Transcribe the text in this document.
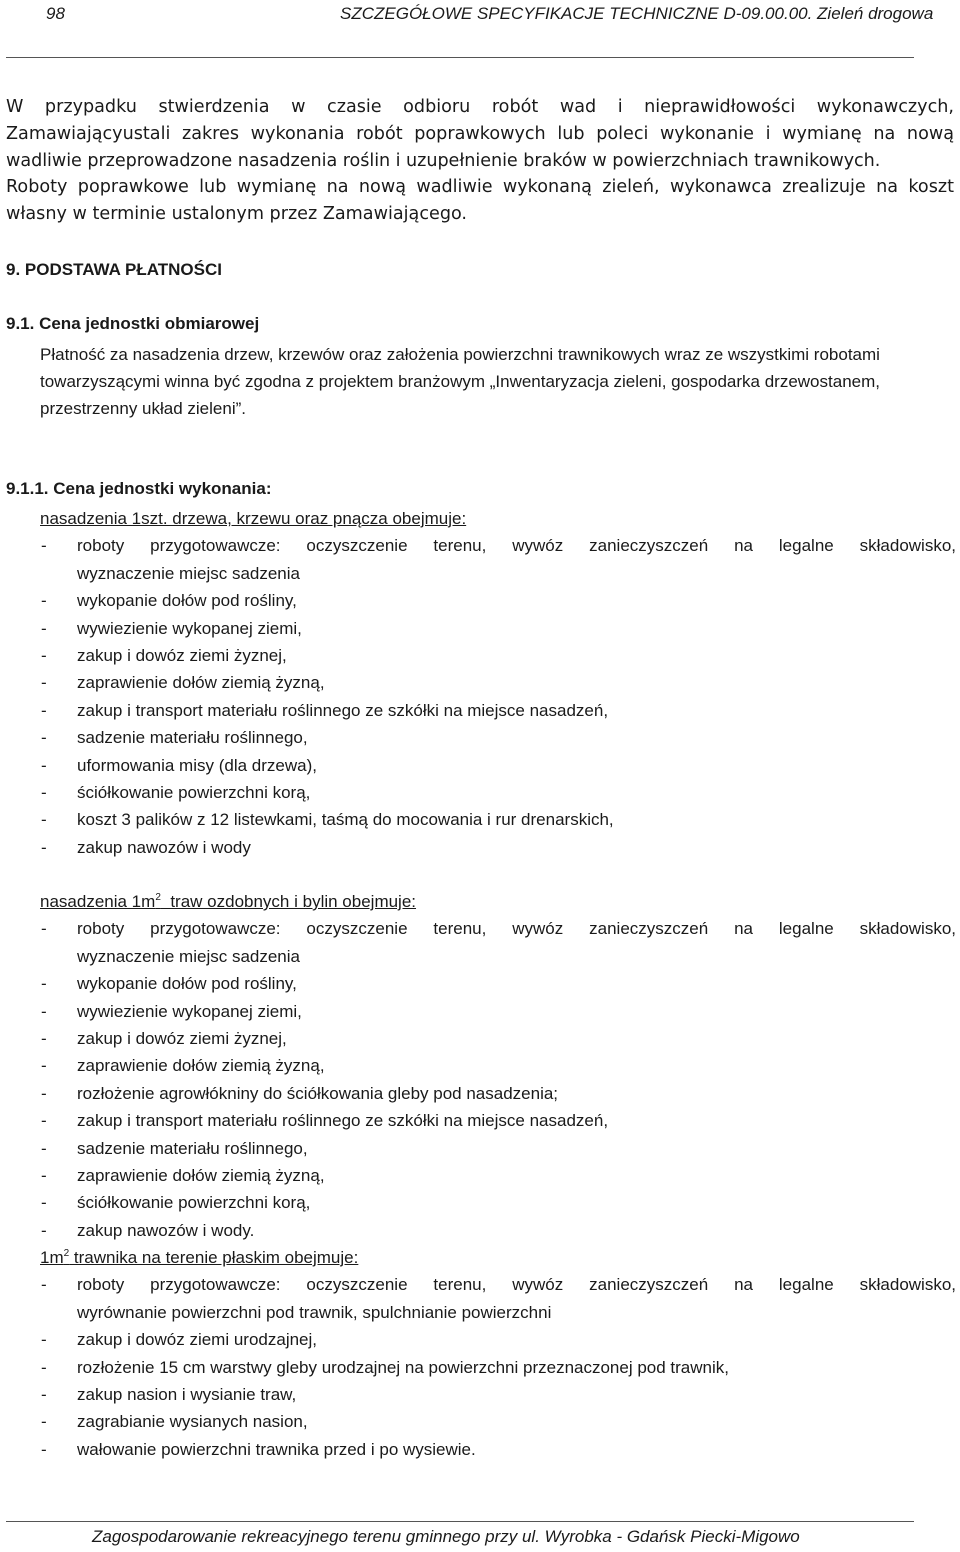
98	SZCZEGÓŁOWE SPECYFIKACJE TECHNICZNE D-09.00.00. Zieleń drogowa
W przypadku stwierdzenia w czasie odbioru robót wad i nieprawidłowości wykonawczych,
Zamawiającyustali zakres wykonania robót poprawkowych lub poleci wykonanie i wymianę na nową
wadliwie przeprowadzone nasadzenia roślin i uzupełnienie braków w powierzchniach trawnikowych.
Roboty poprawkowe lub wymianę na nową wadliwie wykonaną zieleń, wykonawca zrealizuje na koszt
własny w terminie ustalonym przez Zamawiającego.
9. PODSTAWA PŁATNOŚCI
9.1. Cena jednostki obmiarowej
Płatność za nasadzenia drzew, krzewów oraz założenia powierzchni trawnikowych wraz ze wszystkimi robotami towarzyszącymi winna być zgodna z projektem branżowym „Inwentaryzacja zieleni, gospodarka drzewostanem, przestrzenny układ zieleni”.
9.1.1. Cena jednostki wykonania:
nasadzenia 1szt. drzewa, krzewu oraz pnącza obejmuje:
- roboty przygotowawcze: oczyszczenie terenu, wywóz zanieczyszczeń na legalne składowisko,
wyznaczenie miejsc sadzenia
- wykopanie dołów pod rośliny,
- wywiezienie wykopanej ziemi,
- zakup i dowóz ziemi żyznej,
- zaprawienie dołów ziemią żyzną,
- zakup i transport materiału roślinnego ze szkółki na miejsce nasadzeń,
- sadzenie materiału roślinnego,
- uformowania misy (dla drzewa),
- ściółkowanie powierzchni korą,
- koszt 3 palików z 12 listewkami, taśmą do mocowania i rur drenarskich,
- zakup nawozów i wody
nasadzenia $1m^2$  traw ozdobnych i bylin obejmuje:
- roboty przygotowawcze: oczyszczenie terenu, wywóz zanieczyszczeń na legalne składowisko,
wyznaczenie miejsc sadzenia
- wykopanie dołów pod rośliny,
- wywiezienie wykopanej ziemi,
- zakup i dowóz ziemi żyznej,
- zaprawienie dołów ziemią żyzną,
- rozłożenie agrowłókniny do ściółkowania gleby pod nasadzenia;
- zakup i transport materiału roślinnego ze szkółki na miejsce nasadzeń,
- sadzenie materiału roślinnego,
- zaprawienie dołów ziemią żyzną,
- ściółkowanie powierzchni korą,
- zakup nawozów i wody.
$1m^2$ trawnika na terenie płaskim obejmuje:
- roboty przygotowawcze: oczyszczenie terenu, wywóz zanieczyszczeń na legalne składowisko,
wyrównanie powierzchni pod trawnik, spulchnianie powierzchni
- zakup i dowóz ziemi urodzajnej,
- rozłożenie 15 cm warstwy gleby urodzajnej na powierzchni przeznaczonej pod trawnik,
- zakup nasion i wysianie traw,
- zagrabianie wysianych nasion,
- wałowanie powierzchni trawnika przed i po wysiewie.
Zagospodarowanie rekreacyjnego terenu gminnego przy ul. Wyrobka - Gdańsk Piecki-Migowo
